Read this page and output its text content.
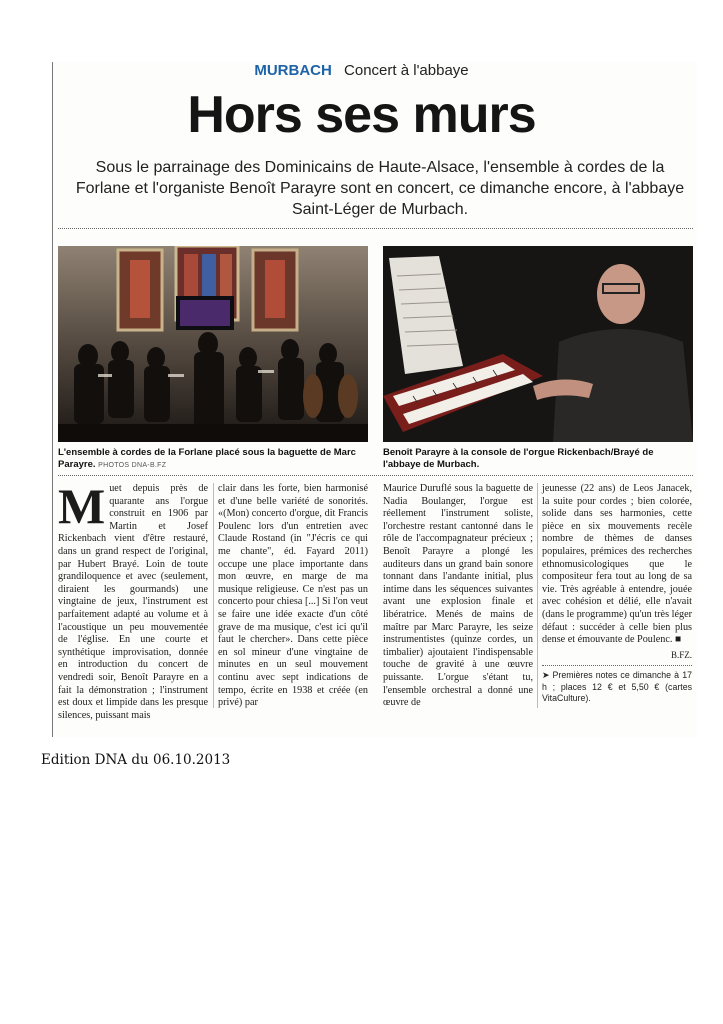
MURBACH Concert à l'abbaye
Hors ses murs
Sous le parrainage des Dominicains de Haute-Alsace, l'ensemble à cordes de la Forlane et l'organiste Benoît Parayre sont en concert, ce dimanche encore, à l'abbaye Saint-Léger de Murbach.
L'ensemble à cordes de la Forlane placé sous la baguette de Marc Parayre. PHOTOS DNA-B.FZ
Benoît Parayre à la console de l'orgue Rickenbach/Brayé de l'abbaye de Murbach.
M uet depuis près de quarante ans l'orgue construit en 1906 par Martin et Josef Rickenbach vient d'être restauré, dans un grand respect de l'original, par Hubert Brayé. Loin de toute grandiloquence et avec (seulement, diraient les gourmands) une vingtaine de jeux, l'instrument est parfaitement adapté au volume et à l'acoustique un peu mouvementée de l'église. En une courte et synthétique improvisation, donnée en introduction du concert de vendredi soir, Benoît Parayre en a fait la démonstration ; l'instrument est doux et limpide dans les presque silences, puissant mais

clair dans les forte, bien harmonisé et d'une belle variété de sonorités. «(Mon) concerto d'orgue, dit Francis Poulenc lors d'un entretien avec Claude Rostand (in "J'écris ce qui me chante", éd. Fayard 2011) occupe une place importante dans mon œuvre, en marge de ma musique religieuse. Ce n'est pas un concerto pour chiesa [...] Si l'on veut se faire une idée exacte d'un côté grave de ma musique, c'est ici qu'il faut le chercher». Dans cette pièce en sol mineur d'une vingtaine de minutes en un seul mouvement continu avec sept indications de tempo, écrite en 1938 et créée (en privé) par

Maurice Duruflé sous la baguette de Nadia Boulanger, l'orgue est réellement l'instrument soliste, l'orchestre restant cantonné dans le rôle de l'accompagnateur précieux ; Benoît Parayre a plongé les auditeurs dans un grand bain sonore tonnant dans l'andante initial, plus intime dans les séquences suivantes avant une explosion finale et libératrice. Menés de mains de maître par Marc Parayre, les seize instrumentistes (quinze cordes, un timbalier) ajoutaient l'indispensable touche de gravité à une œuvre puissante. L'orgue s'étant tu, l'ensemble orchestral a donné une œuvre de

jeunesse (22 ans) de Leos Janacek, la suite pour cordes ; bien colorée, solide dans ses harmonies, cette pièce en six mouvements recèle nombre de thèmes de danses populaires, prémices des recherches ethnomusicologiques que le compositeur fera tout au long de sa vie. Très agréable à entendre, jouée avec cohésion et délié, elle n'avait (dans le programme) qu'un très léger défaut : succéder à celle bien plus dense et émouvante de Poulenc. ■

B.FZ.
➤ Premières notes ce dimanche à 17 h ; places 12 € et 5,50 € (cartes VitaCulture).
Edition DNA du 06.10.2013
